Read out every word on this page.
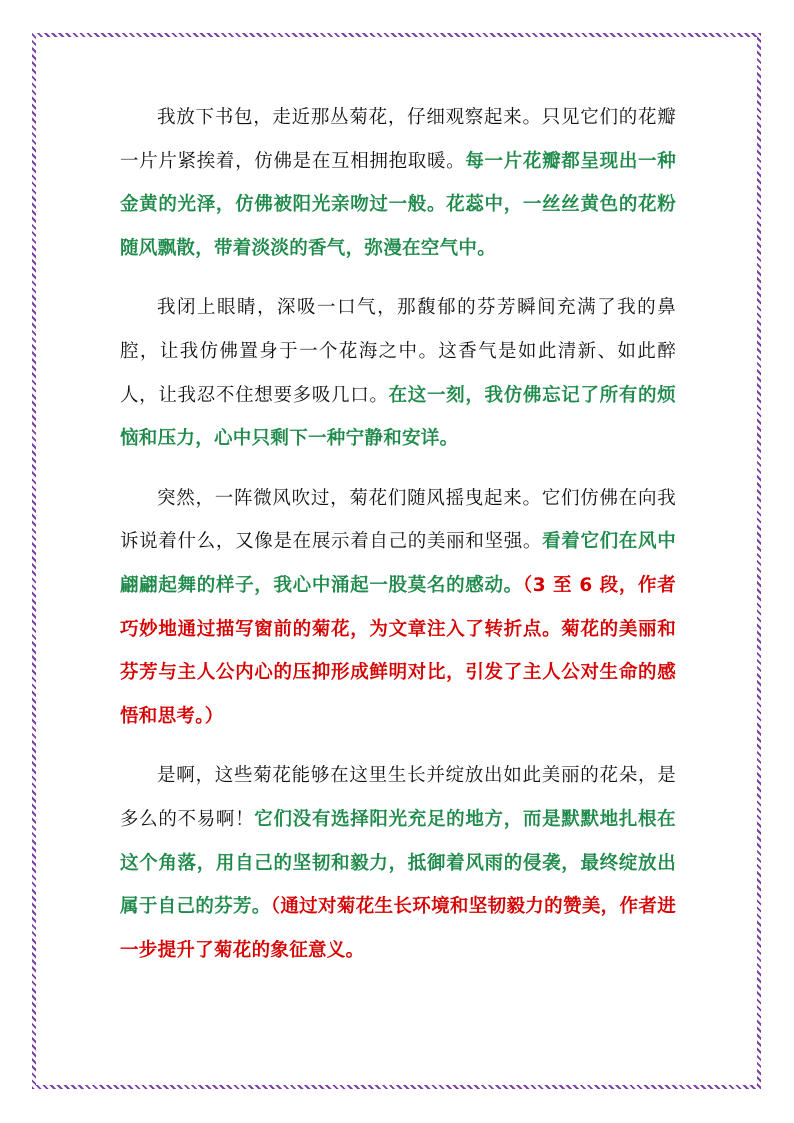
我放下书包，走近那丛菊花，仔细观察起来。只见它们的花瓣一片片紧挨着，仿佛是在互相拥抱取暖。每一片花瓣都呈现出一种金黄的光泽，仿佛被阳光亲吻过一般。花蕊中，一丝丝黄色的花粉随风飘散，带着淡淡的香气，弥漫在空气中。

我闭上眼睛，深吸一口气，那馥郁的芬芳瞬间充满了我的鼻腔，让我仿佛置身于一个花海之中。这香气是如此清新、如此醉人，让我忍不住想要多吸几口。在这一刻，我仿佛忘记了所有的烦恼和压力，心中只剩下一种宁静和安详。

突然，一阵微风吹过，菊花们随风摇曳起来。它们仿佛在向我诉说着什么，又像是在展示着自己的美丽和坚强。看着它们在风中翩翩起舞的样子，我心中涌起一股莫名的感动。（3 至 6 段，作者巧妙地通过描写窗前的菊花，为文章注入了转折点。菊花的美丽和芬芳与主人公内心的压抑形成鲜明对比，引发了主人公对生命的感悟和思考。）

是啊，这些菊花能够在这里生长并绽放出如此美丽的花朵，是多么的不易啊！它们没有选择阳光充足的地方，而是默默地扎根在这个角落，用自己的坚韧和毅力，抵御着风雨的侵袭，最终绽放出属于自己的芬芳。（通过对菊花生长环境和坚韧毅力的赞美，作者进一步提升了菊花的象征意义。
